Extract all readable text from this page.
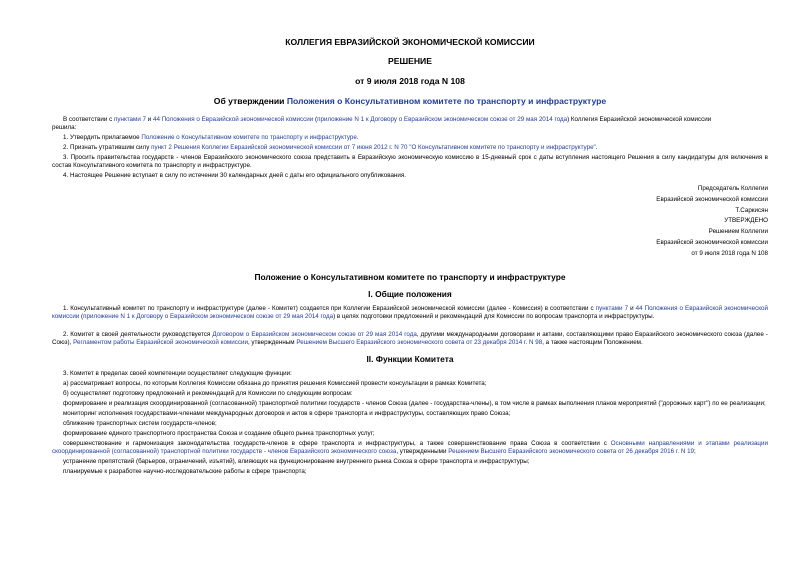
КОЛЛЕГИЯ ЕВРАЗИЙСКОЙ ЭКОНОМИЧЕСКОЙ КОМИССИИ
РЕШЕНИЕ
от 9 июля 2018 года N 108
Об утверждении Положения о Консультативном комитете по транспорту и инфраструктуре

В соответствии с пунктами 7 и 44 Положения о Евразийской экономической комиссии (приложение N 1 к Договору о Евразийском экономическом союзе от 29 мая 2014 года) Коллегия Евразийской экономической комиссии

решила:

1. Утвердить прилагаемое Положение о Консультативном комитете по транспорту и инфраструктуре.

2. Признать утратившим силу пункт 2 Решения Коллегии Евразийской экономической комиссии от 7 июня 2012 г. N 70 "О Консультативном комитете по транспорту и инфраструктуре".

3. Просить правительства государств - членов Евразийского экономического союза представить в Евразийскую экономическую комиссию в 15-дневный срок с даты вступления настоящего Решения в силу кандидатуры для включения в состав Консультативного комитета по транспорту и инфраструктуре.

4. Настоящее Решение вступает в силу по истечении 30 календарных дней с даты его официального опубликования.

Председатель Коллегии

Евразийской экономической комиссии

Т.Саркисян

УТВЕРЖДЕНО

Решением Коллегии

Евразийской экономической комиссии

от 9 июля 2018 года N 108

Положение о Консультативном комитете по транспорту и инфраструктуре
I. Общие положения

1. Консультативный комитет по транспорту и инфраструктуре (далее - Комитет) создается при Коллегии Евразийской экономической комиссии (далее - Комиссия) в соответствии с пунктами 7 и 44 Положения о Евразийской экономической комиссии (приложение N 1 к Договору о Евразийском экономическом союзе от 29 мая 2014 года) в целях подготовки предложений и рекомендаций для Комиссии по вопросам транспорта и инфраструктуры.

2. Комитет в своей деятельности руководствуется Договором о Евразийском экономическом союзе от 29 мая 2014 года, другими международными договорами и актами, составляющими право Евразийского экономического союза (далее - Союз), Регламентом работы Евразийской экономической комиссии, утвержденным Решением Высшего Евразийского экономического совета от 23 декабря 2014 г. N 98, а также настоящим Положением.

II. Функции Комитета

3. Комитет в пределах своей компетенции осуществляет следующие функции:

а) рассматривает вопросы, по которым Коллегия Комиссии обязана до принятия решения Комиссией провести консультации в рамках Комитета;

б) осуществляет подготовку предложений и рекомендаций для Комиссии по следующим вопросам:

формирование и реализация скоординированной (согласованной) транспортной политики государств - членов Союза (далее - государства-члены), в том числе в рамках выполнения планов мероприятий ("дорожных карт") по ее реализации;

мониторинг исполнения государствами-членами международных договоров и актов в сфере транспорта и инфраструктуры, составляющих право Союза;

сближение транспортных систем государств-членов;

формирование единого транспортного пространства Союза и создание общего рынка транспортных услуг;

совершенствование и гармонизация законодательства государств-членов в сфере транспорта и инфраструктуры, а также совершенствование права Союза в соответствии с Основными направлениями и этапами реализации скоординированной (согласованной) транспортной политики государств - членов Евразийского экономического союза, утвержденными Решением Высшего Евразийского экономического совета от 26 декабря 2016 г. N 19;

устранение препятствий (барьеров, ограничений, изъятий), влияющих на функционирование внутреннего рынка Союза в сфере транспорта и инфраструктуры;

планируемые к разработке научно-исследовательские работы в сфере транспорта;
